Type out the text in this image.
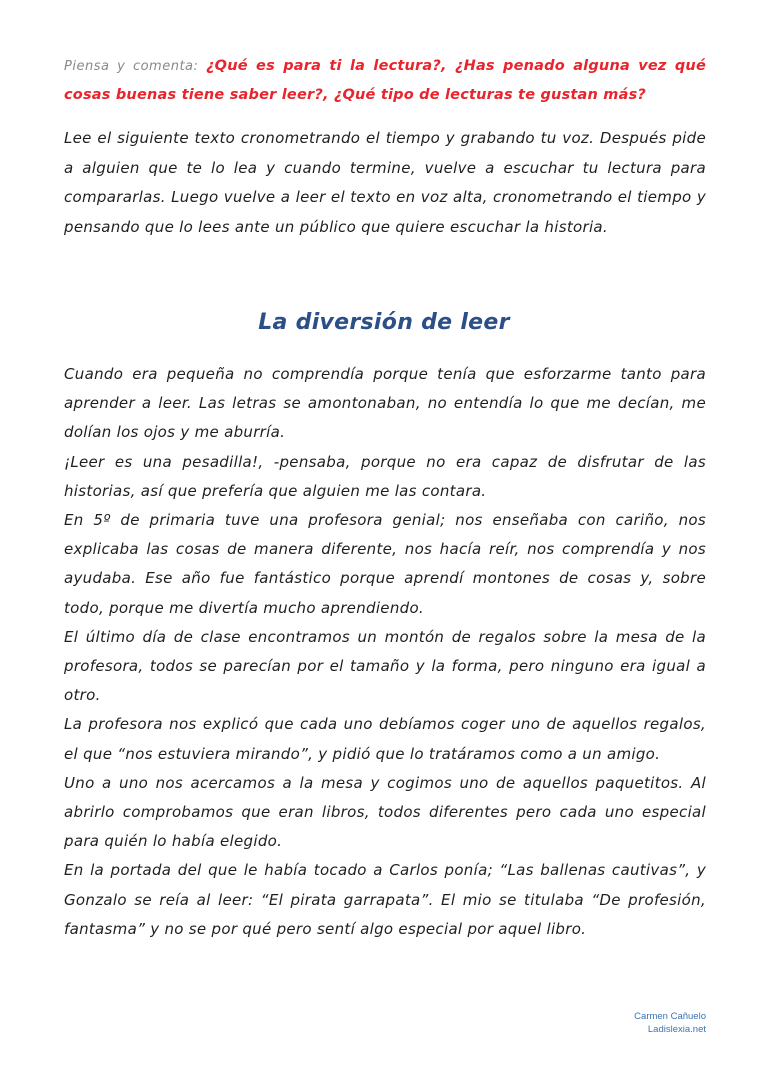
Piensa y comenta: ¿Qué es para ti la lectura?, ¿Has penado alguna vez qué cosas buenas tiene saber leer?, ¿Qué tipo de lecturas te gustan más?
Lee el siguiente texto cronometrando el tiempo y grabando tu voz. Después pide a alguien que te lo lea y cuando termine, vuelve a escuchar tu lectura para compararlas. Luego vuelve a leer el texto en voz alta, cronometrando el tiempo y pensando que lo lees ante un público que quiere escuchar la historia.
La diversión de leer

Cuando era pequeña no comprendía porque tenía que esforzarme tanto para aprender a leer. Las letras se amontonaban, no entendía lo que me decían, me dolían los ojos y me aburría.

¡Leer es una pesadilla!, -pensaba, porque no era capaz de disfrutar de las historias, así que prefería que alguien me las contara.

En 5º de primaria tuve una profesora genial; nos enseñaba con cariño, nos explicaba las cosas de manera diferente, nos hacía reír, nos comprendía y nos ayudaba. Ese año fue fantástico porque aprendí montones de cosas y, sobre todo, porque me divertía mucho aprendiendo.

El último día de clase encontramos un montón de regalos sobre la mesa de la profesora, todos se parecían por el tamaño y la forma, pero ninguno era igual a otro.

La profesora nos explicó que cada uno debíamos coger uno de aquellos regalos, el que “nos estuviera mirando”, y pidió que lo tratáramos como a un amigo.

Uno a uno nos acercamos a la mesa y cogimos uno de aquellos paquetitos. Al abrirlo comprobamos que eran libros, todos diferentes pero cada uno especial para quién lo había elegido.

En la portada del que le había tocado a Carlos ponía; “Las ballenas cautivas”, y Gonzalo se reía al leer: “El pirata garrapata”. El mio se titulaba “De profesión, fantasma” y no se por qué pero sentí algo especial por aquel libro.

Carmen Cañuelo
Ladislexia.net
